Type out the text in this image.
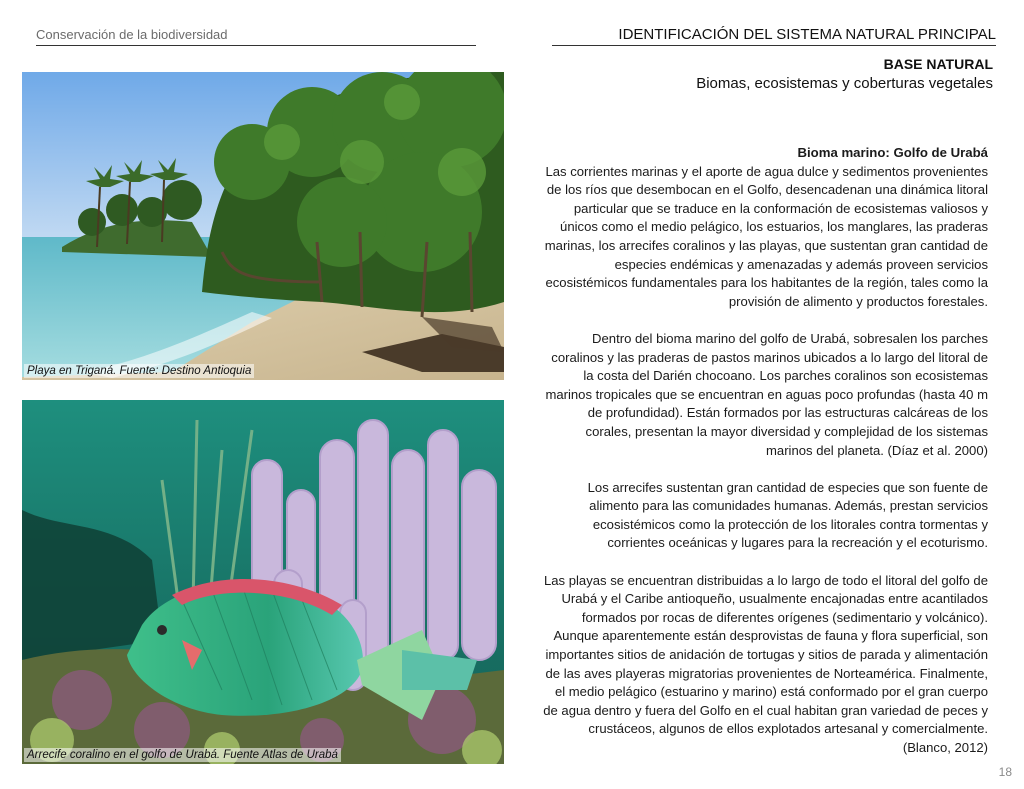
Conservación de la biodiversidad	IDENTIFICACIÓN DEL SISTEMA NATURAL PRINCIPAL
BASE NATURAL
Biomas, ecosistemas y coberturas vegetales
Playa en Triganá. Fuente: Destino Antioquia
Arrecife coralino en el golfo de Urabá. Fuente Atlas de Urabá
Bioma marino: Golfo de Urabá

Las corrientes marinas y el aporte de agua dulce y sedimentos provenientes de los ríos que desembocan en el Golfo, desencadenan una dinámica litoral particular que se traduce en la conformación de ecosistemas valiosos y únicos como el medio pelágico, los estuarios, los manglares, las praderas marinas, los arrecifes coralinos y las playas, que sustentan gran cantidad de especies endémicas y amenazadas y además proveen servicios ecosistémicos fundamentales para los habitantes de la región, tales como la provisión de alimento y productos forestales.

Dentro del bioma marino del golfo de Urabá, sobresalen los parches coralinos y las praderas de pastos marinos ubicados a lo largo del litoral de la costa del Darién chocoano. Los parches coralinos son ecosistemas marinos tropicales que se encuentran en aguas poco profundas (hasta 40 m de profundidad). Están formados por las estructuras calcáreas de los corales, presentan la mayor diversidad y complejidad de los sistemas marinos del planeta. (Díaz et al. 2000)

Los arrecifes sustentan gran cantidad de especies que son fuente de alimento para las comunidades humanas. Además, prestan servicios ecosistémicos como la protección de los litorales contra tormentas y corrientes oceánicas y lugares para la recreación y el ecoturismo.

Las playas se encuentran distribuidas a lo largo de todo el litoral del golfo de Urabá y el Caribe antioqueño, usualmente encajonadas entre acantilados formados por rocas de diferentes orígenes (sedimentario y volcánico). Aunque aparentemente están desprovistas de fauna y flora superficial, son importantes sitios de anidación de tortugas y sitios de parada y alimentación de las aves playeras migratorias provenientes de Norteamérica. Finalmente, el medio pelágico (estuarino y marino) está conformado por el gran cuerpo de agua dentro y fuera del Golfo en el cual habitan gran variedad de peces y crustáceos, algunos de ellos explotados artesanal y comercialmente. (Blanco, 2012)

18
